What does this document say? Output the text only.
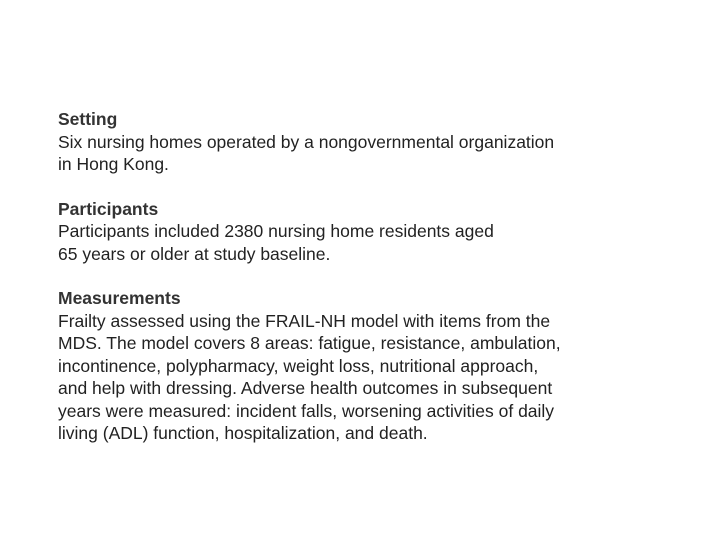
Setting
Six nursing homes operated by a nongovernmental organization
in Hong Kong.
Participants
Participants included 2380 nursing home residents aged
65 years or older at study baseline.
Measurements
Frailty assessed using the FRAIL-NH model with items from the
MDS. The model covers 8 areas: fatigue, resistance, ambulation,
incontinence, polypharmacy, weight loss, nutritional approach,
and help with dressing. Adverse health outcomes in subsequent
years were measured: incident falls, worsening activities of daily
living (ADL) function, hospitalization, and death.
